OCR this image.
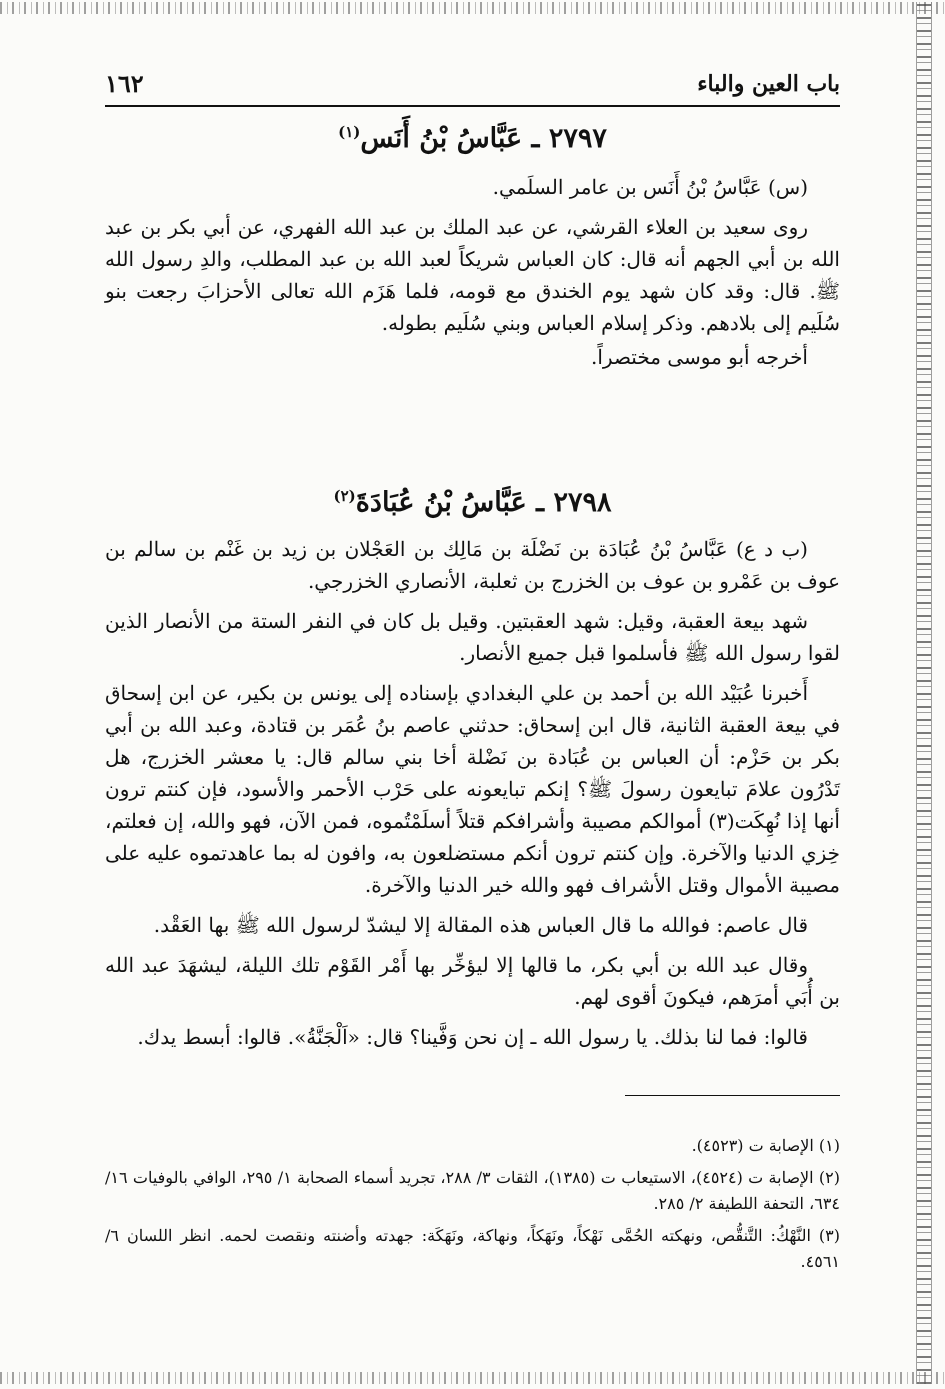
باب العين والباء
١٦٢
٢٧٩٧ ـ عَبَّاسُ بْنُ أَنَس$^{(١)}$

(س) عَبَّاسُ بْنُ أَنَس بن عامر السلَمي.

روى سعيد بن العلاء القرشي، عن عبد الملك بن عبد الله الفهري، عن أبي بكر بن عبد الله بن أبي الجهم أنه قال: كان العباس شريكاً لعبد الله بن عبد المطلب، والدِ رسول الله ﷺ. قال: وقد كان شهد يوم الخندق مع قومه، فلما هَزَم الله تعالى الأحزابَ رجعت بنو سُلَيم إلى بلادهم. وذكر إسلام العباس وبني سُلَيم بطوله.

أخرجه أبو موسى مختصراً.

٢٧٩٨ ـ عَبَّاسُ بْنُ عُبَادَةَ$^{(٢)}$

(ب د ع) عَبَّاسُ بْنُ عُبَادَة بن نَضْلَة بن مَالِك بن العَجْلان بن زيد بن غَنْم بن سالم بن عوف بن عَمْرو بن عوف بن الخزرج بن ثعلبة، الأنصاري الخزرجي.

شهد بيعة العقبة، وقيل: شهد العقبتين. وقيل بل كان في النفر الستة من الأنصار الذين لقوا رسول الله ﷺ فأسلموا قبل جميع الأنصار.

أَخبرنا عُبَيْد الله بن أحمد بن علي البغدادي بإسناده إلى يونس بن بكير، عن ابن إسحاق في بيعة العقبة الثانية، قال ابن إسحاق: حدثني عاصم بنُ عُمَر بن قتادة، وعبد الله بن أبي بكر بن حَزْم: أن العباس بن عُبَادة بن نَضْلة أخا بني سالم قال: يا معشر الخزرج، هل تَدْرُون علامَ تبايعون رسولَ ﷺ؟ إنكم تبايعونه على حَرْب الأحمر والأسود، فإن كنتم ترون أنها إذا نُهِكَت(٣) أموالكم مصيبة وأشرافكم قتلاً أسلَمْتُموه، فمن الآن، فهو والله، إن فعلتم، خِزي الدنيا والآخرة. وإن كنتم ترون أنكم مستضلعون به، وافون له بما عاهدتموه عليه على مصيبة الأموال وقتل الأشراف فهو والله خير الدنيا والآخرة.

قال عاصم: فوالله ما قال العباس هذه المقالة إلا ليشدّ لرسول الله ﷺ بها العَقْد.

وقال عبد الله بن أبي بكر، ما قالها إلا ليؤخِّر بها أَمْر القَوْم تلك الليلة، ليشهَدَ عبد الله بن أُبَي أمرَهم، فيكونَ أقوى لهم.

قالوا: فما لنا بذلك. يا رسول الله ـ إن نحن وَفَّينا؟ قال: «اَلْجَنَّةُ». قالوا: أبسط يدك.

(١) الإصابة ت (٤٥٢٣).

(٢) الإصابة ت (٤٥٢٤)، الاستيعاب ت (١٣٨٥)، الثقات ٣/ ٢٨٨، تجريد أسماء الصحابة ١/ ٢٩٥، الوافي بالوفيات ١٦/ ٦٣٤، التحفة اللطيفة ٢/ ٢٨٥.

(٣) النَّهْكُ: التَّنقُّص، ونهكته الحُمَّى نَهْكاً، ونَهَكاً، ونهاكة، ونَهَكَة: جهدته وأضنته ونقصت لحمه. انظر اللسان ٦/ ٤٥٦١.
